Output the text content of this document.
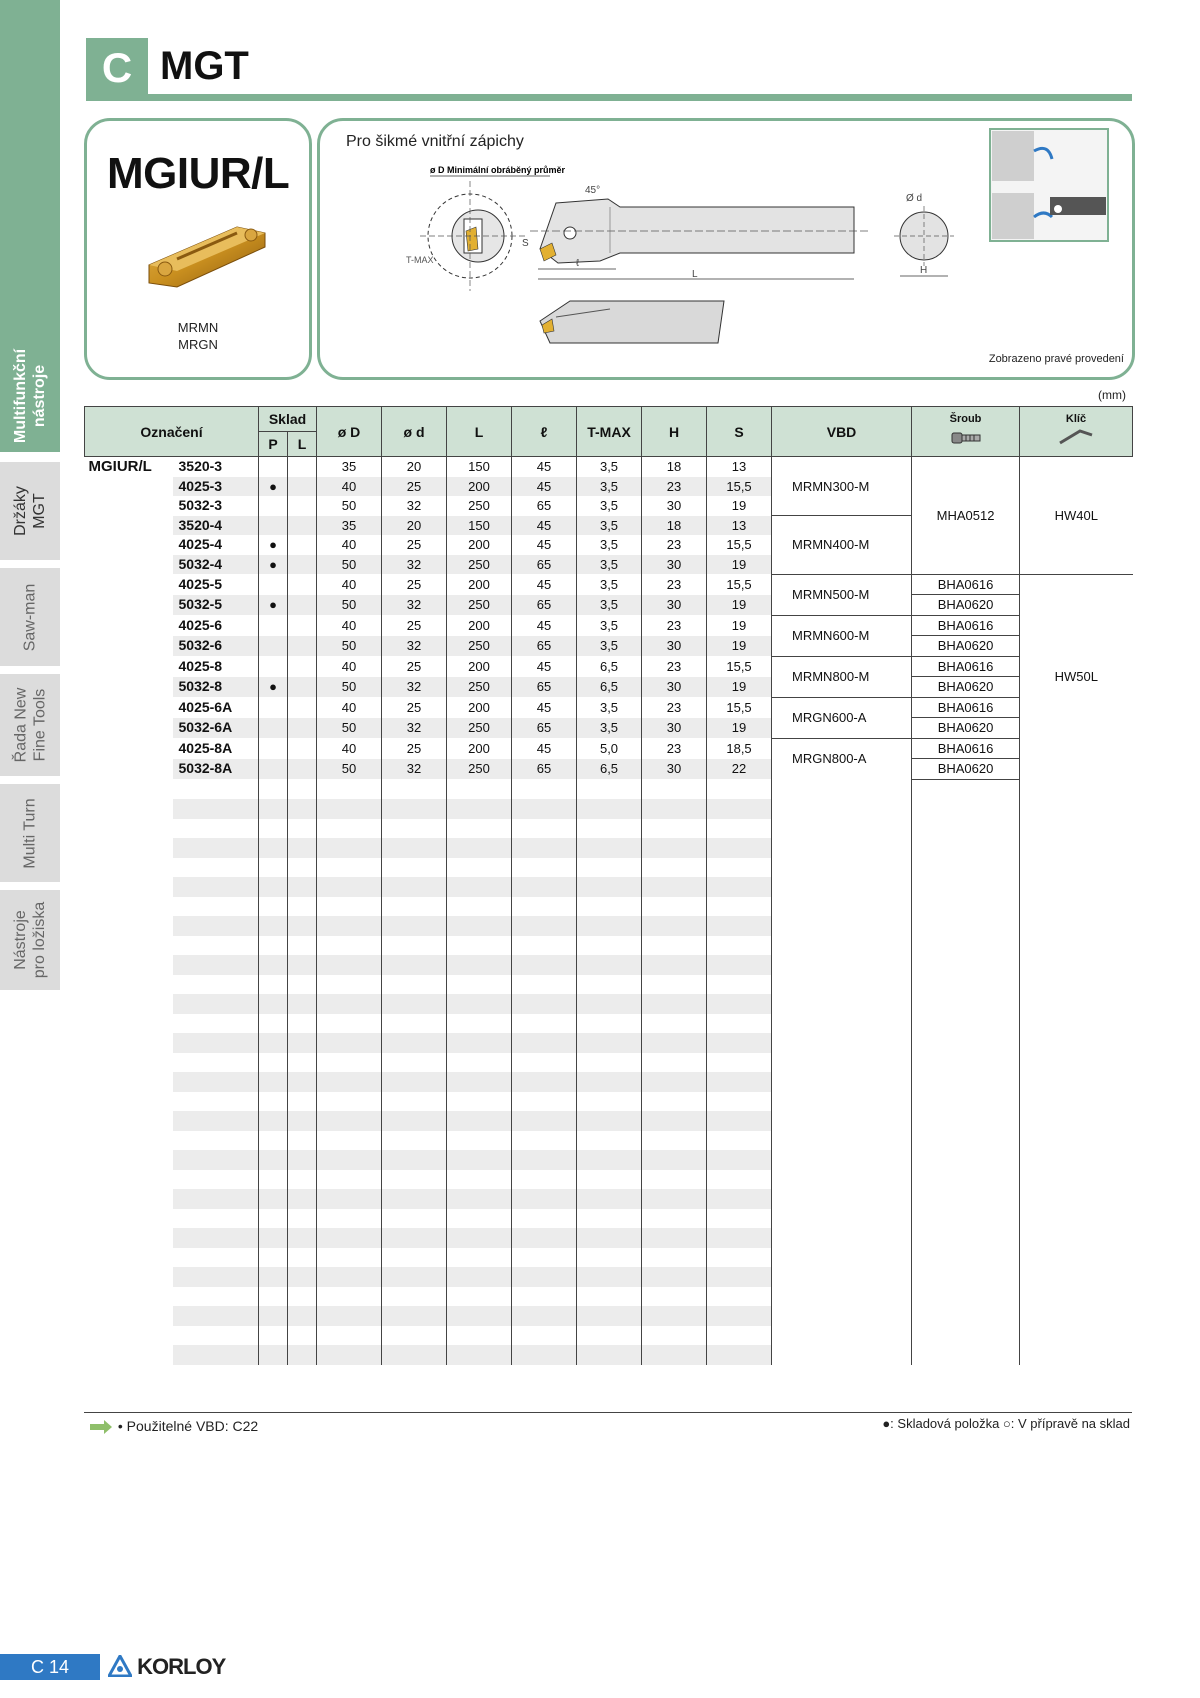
Multifunkční nástroje
Držáky MGT
Saw-man
Řada New Fine Tools
Multi Turn
Nástroje pro ložiska
C MGT
MGIUR/L
MRMN
MRGN
Pro šikmé vnitřní zápichy
ø D Minimální obráběný průměr
T-MAX
45°
S
ℓ
L
Ø d
H
Zobrazeno pravé provedení
(mm)
Označení		Sklad		ø D	ø d	L	ℓ	T-MAX	H	S	VBD	Šroub	Klíč

		P	L										
MGIUR/L	3520-3			35	20	150	45	3,5	18	13	MRMN300-M	MHA0512	HW40L
	4025-3	●		40	25	200	45	3,5	23	15,5			
	5032-3			50	32	250	65	3,5	30	19			
	3520-4			35	20	150	45	3,5	18	13	MRMN400-M		
	4025-4	●		40	25	200	45	3,5	23	15,5			
	5032-4	●		50	32	250	65	3,5	30	19			
	4025-5			40	25	200	45	3,5	23	15,5	MRMN500-M	BHA0616	HW50L
	5032-5	●		50	32	250	65	3,5	30	19		BHA0620	
	4025-6			40	25	200	45	3,5	23	19	MRMN600-M	BHA0616	
	5032-6			50	32	250	65	3,5	30	19		BHA0620	
	4025-8			40	25	200	45	6,5	23	15,5	MRMN800-M	BHA0616	
	5032-8	●		50	32	250	65	6,5	30	19		BHA0620	
	4025-6A			40	25	200	45	3,5	23	15,5	MRGN600-A	BHA0616	
	5032-6A			50	32	250	65	3,5	30	19		BHA0620	
	4025-8A			40	25	200	45	5,0	23	18,5	MRGN800-A	BHA0616	
	5032-8A			50	32	250	65	6,5	30	22		BHA0620	

• Použitelné VBD: C22	●: Skladová položka ○: V přípravě na sklad
C 14	KORLOY
